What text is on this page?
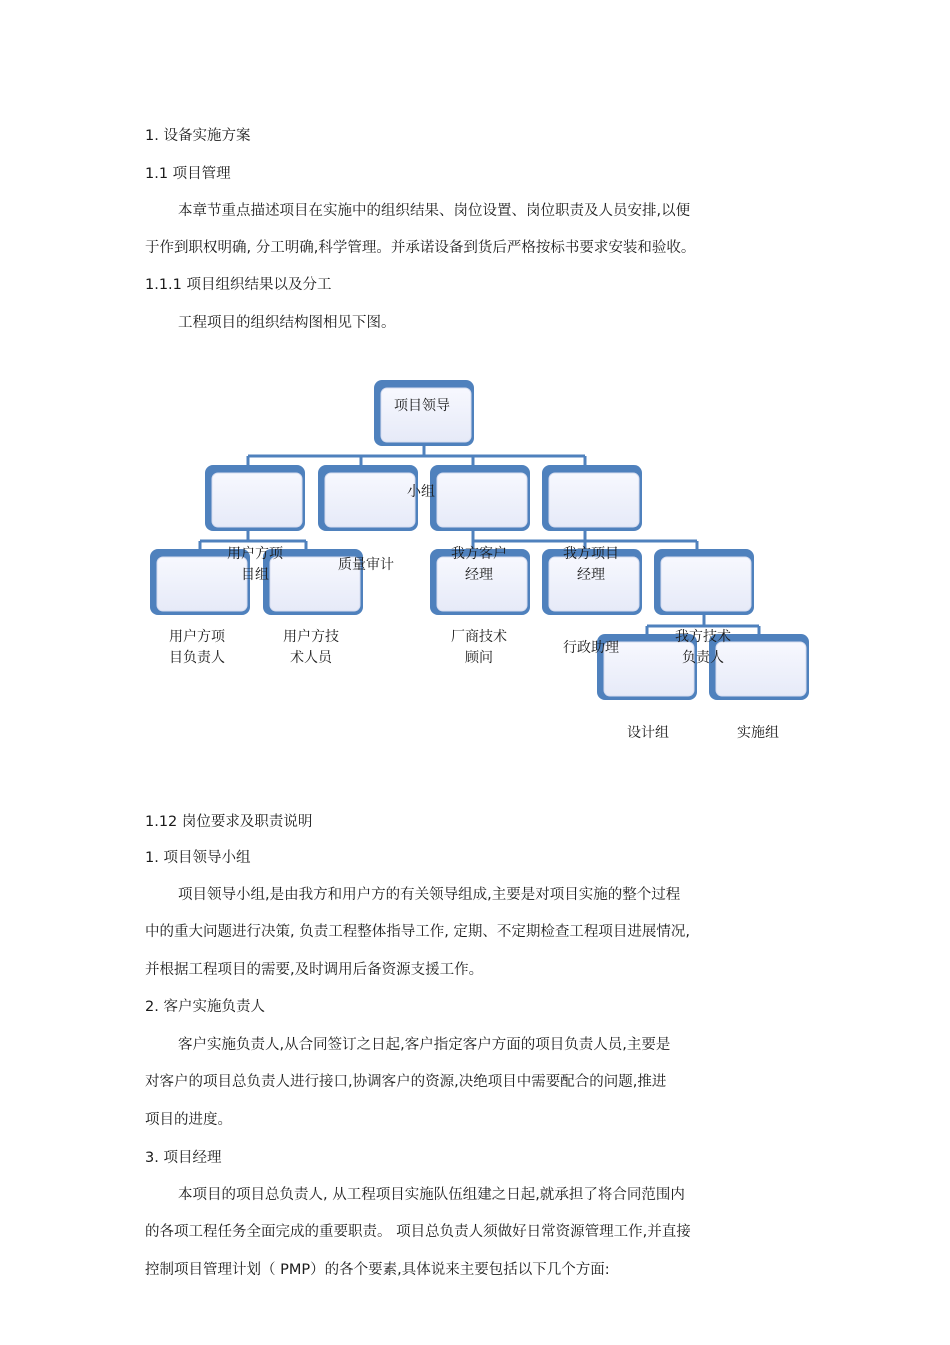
1. 设备实施方案
1.1 项目管理
本章节重点描述项目在实施中的组织结果、岗位设置、岗位职责及人员安排,以便
于作到职权明确, 分工明确,科学管理。并承诺设备到货后严格按标书要求安装和验收。
1.1.1 项目组织结果以及分工
工程项目的组织结构图相见下图。
项目领导
小组
用户方项
目组
质量审计
我方客户
经理
我方项目
经理
用户方项
目负责人
用户方技
术人员
厂商技术
顾问
行政助理
我方技术
负责人
设计组	实施组
1.12 岗位要求及职责说明
1. 项目领导小组
项目领导小组,是由我方和用户方的有关领导组成,主要是对项目实施的整个过程
中的重大问题进行决策, 负责工程整体指导工作, 定期、不定期检查工程项目进展情况,
并根据工程项目的需要,及时调用后备资源支援工作。
2. 客户实施负责人
客户实施负责人,从合同签订之日起,客户指定客户方面的项目负责人员,主要是
对客户的项目总负责人进行接口,协调客户的资源,决绝项目中需要配合的问题,推进
项目的进度。
3. 项目经理
本项目的项目总负责人, 从工程项目实施队伍组建之日起,就承担了将合同范围内
的各项工程任务全面完成的重要职责。 项目总负责人须做好日常资源管理工作,并直接
控制项目管理计划（ PMP）的各个要素,具体说来主要包括以下几个方面:
